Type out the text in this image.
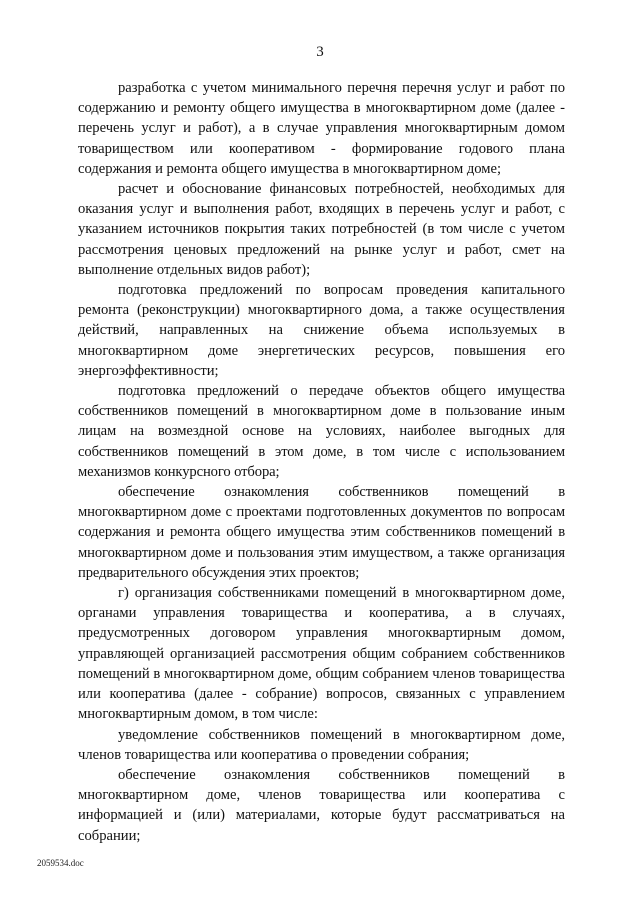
3

разработка с учетом минимального перечня перечня услуг и работ по содержанию и ремонту общего имущества в многоквартирном доме (далее - перечень услуг и работ), а в случае управления многоквартирным домом товариществом или кооперативом - формирование годового плана содержания и ремонта общего имущества в многоквартирном доме;

расчет и обоснование финансовых потребностей, необходимых для оказания услуг и выполнения работ, входящих в перечень услуг и работ, с указанием источников покрытия таких потребностей (в том числе с учетом рассмотрения ценовых предложений на рынке услуг и работ, смет на выполнение отдельных видов работ);

подготовка предложений по вопросам проведения капитального ремонта (реконструкции) многоквартирного дома, а также осуществления действий, направленных на снижение объема используемых в многоквартирном доме энергетических ресурсов, повышения его энергоэффективности;

подготовка предложений о передаче объектов общего имущества собственников помещений в многоквартирном доме в пользование иным лицам на возмездной основе на условиях, наиболее выгодных для собственников помещений в этом доме, в том числе с использованием механизмов конкурсного отбора;

обеспечение ознакомления собственников помещений в многоквартирном доме с проектами подготовленных документов по вопросам содержания и ремонта общего имущества этим собственников помещений в многоквартирном доме и пользования этим имуществом, а также организация предварительного обсуждения этих проектов;

г) организация собственниками помещений в многоквартирном доме, органами управления товарищества и кооператива, а в случаях, предусмотренных договором управления многоквартирным домом, управляющей организацией рассмотрения общим собранием собственников помещений в многоквартирном доме, общим собранием членов товарищества или кооператива (далее - собрание) вопросов, связанных с управлением многоквартирным домом, в том числе:

уведомление собственников помещений в многоквартирном доме, членов товарищества или кооператива о проведении собрания;

обеспечение ознакомления собственников помещений в многоквартирном доме, членов товарищества или кооператива с информацией и (или) материалами, которые будут рассматриваться на собрании;

2059534.doc
